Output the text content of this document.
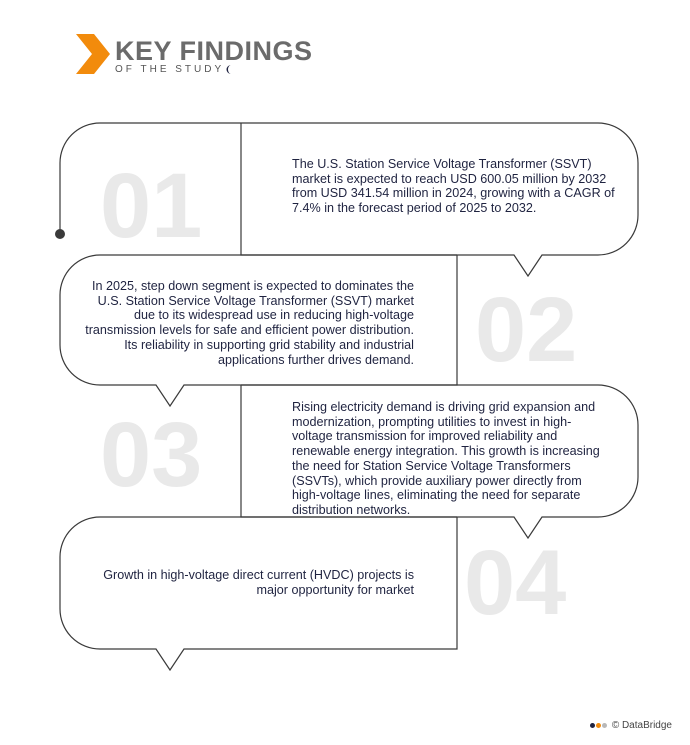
KEY FINDINGS
OF THE STUDY
01
02
03
04
The U.S. Station Service Voltage Transformer (SSVT) market is expected to reach USD 600.05 million by 2032 from USD 341.54 million in 2024, growing with a CAGR of 7.4% in the forecast period of 2025 to 2032.
In 2025, step down segment is expected to dominates the U.S. Station Service Voltage Transformer (SSVT) market due to its widespread use in reducing high-voltage transmission levels for safe and efficient power distribution. Its reliability in supporting grid stability and industrial applications further drives demand.
Rising electricity demand is driving grid expansion and modernization, prompting utilities to invest in high-voltage transmission for improved reliability and renewable energy integration. This growth is increasing the need for Station Service Voltage Transformers (SSVTs), which provide auxiliary power directly from high-voltage lines, eliminating the need for separate distribution networks.
Growth in high-voltage direct current (HVDC) projects is major opportunity for market
© DataBridge
